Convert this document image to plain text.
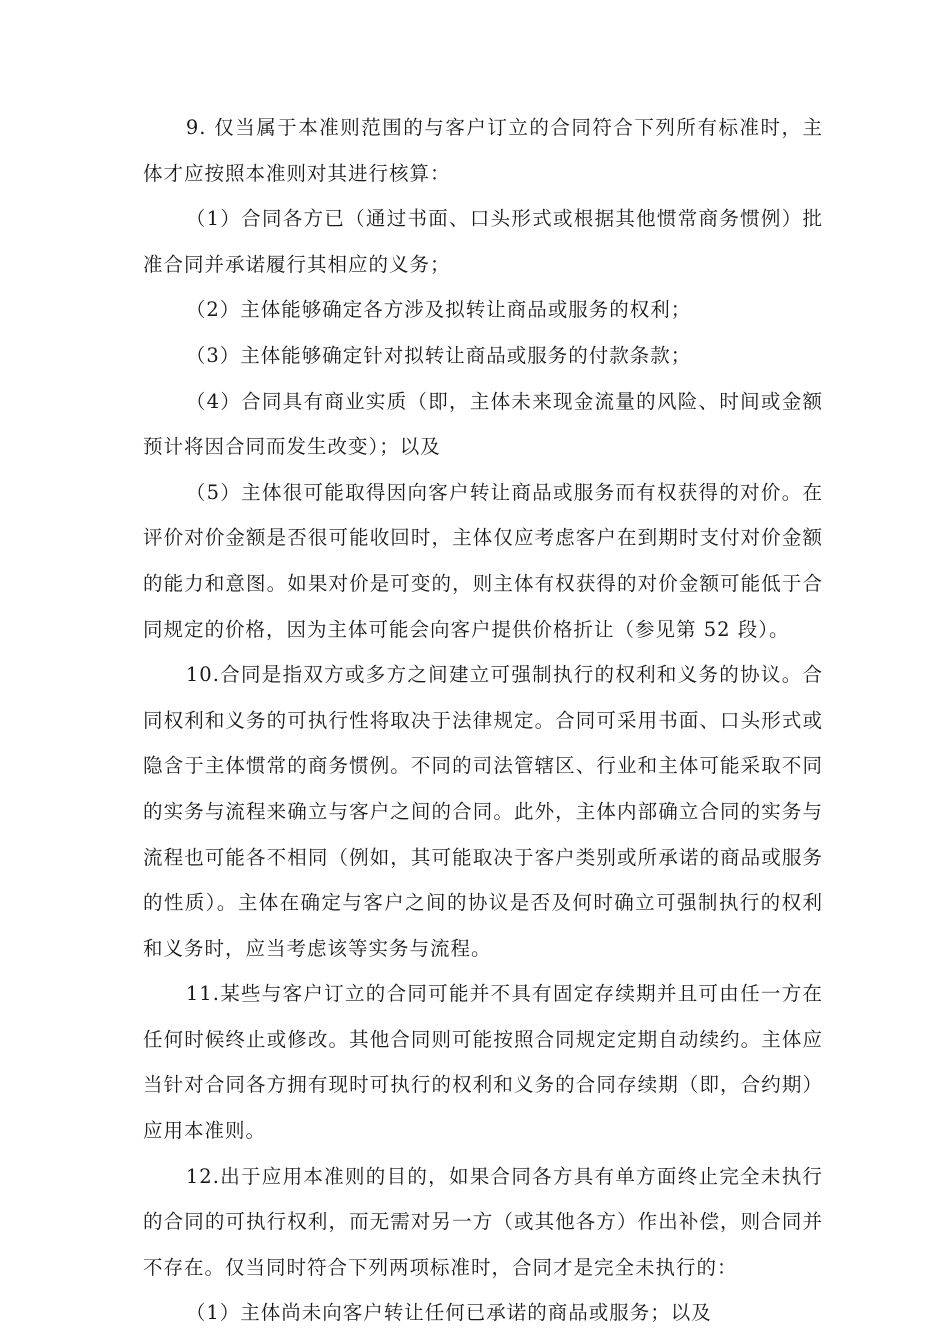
9. 仅当属于本准则范围的与客户订立的合同符合下列所有标准时，主体才应按照本准则对其进行核算：

（1）合同各方已（通过书面、口头形式或根据其他惯常商务惯例）批准合同并承诺履行其相应的义务；

（2）主体能够确定各方涉及拟转让商品或服务的权利；

（3）主体能够确定针对拟转让商品或服务的付款条款；

（4）合同具有商业实质（即，主体未来现金流量的风险、时间或金额预计将因合同而发生改变）；以及

（5）主体很可能取得因向客户转让商品或服务而有权获得的对价。在评价对价金额是否很可能收回时，主体仅应考虑客户在到期时支付对价金额的能力和意图。如果对价是可变的，则主体有权获得的对价金额可能低于合同规定的价格，因为主体可能会向客户提供价格折让（参见第 52 段）。

10.合同是指双方或多方之间建立可强制执行的权利和义务的协议。合同权利和义务的可执行性将取决于法律规定。合同可采用书面、口头形式或隐含于主体惯常的商务惯例。不同的司法管辖区、行业和主体可能采取不同的实务与流程来确立与客户之间的合同。此外，主体内部确立合同的实务与流程也可能各不相同（例如，其可能取决于客户类别或所承诺的商品或服务的性质）。主体在确定与客户之间的协议是否及何时确立可强制执行的权利和义务时，应当考虑该等实务与流程。

11.某些与客户订立的合同可能并不具有固定存续期并且可由任一方在任何时候终止或修改。其他合同则可能按照合同规定定期自动续约。主体应当针对合同各方拥有现时可执行的权利和义务的合同存续期（即，合约期）应用本准则。

12.出于应用本准则的目的，如果合同各方具有单方面终止完全未执行的合同的可执行权利，而无需对另一方（或其他各方）作出补偿，则合同并不存在。仅当同时符合下列两项标准时，合同才是完全未执行的：

（1）主体尚未向客户转让任何已承诺的商品或服务；以及
